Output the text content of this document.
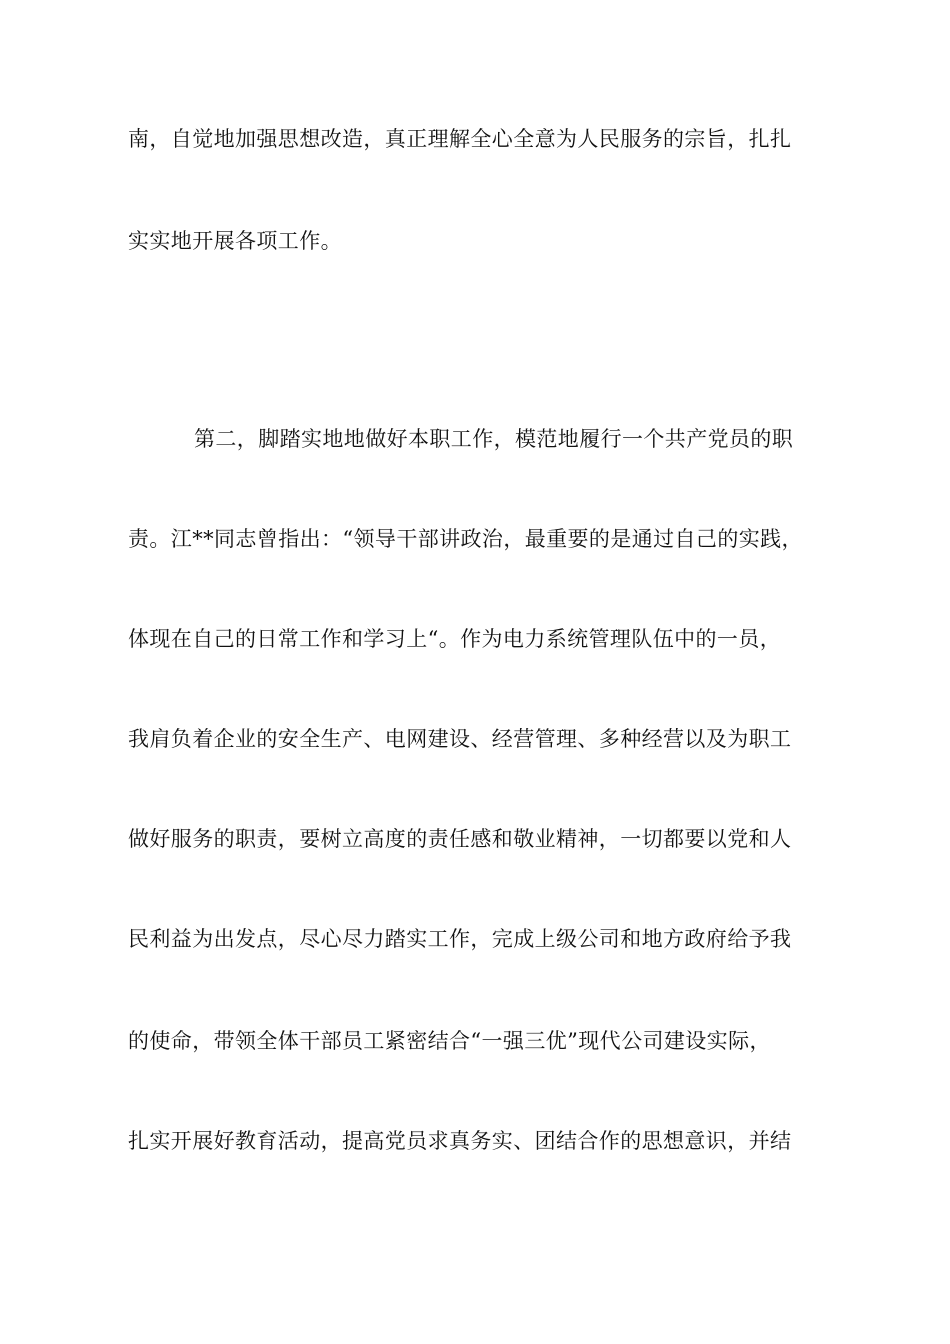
南，自觉地加强思想改造，真正理解全心全意为人民服务的宗旨，扎扎
实实地开展各项工作。
第二，脚踏实地地做好本职工作，模范地履行一个共产党员的职
责。江**同志曾指出：“领导干部讲政治，最重要的是通过自己的实践，
体现在自己的日常工作和学习上“。作为电力系统管理队伍中的一员，
我肩负着企业的安全生产、电网建设、经营管理、多种经营以及为职工
做好服务的职责，要树立高度的责任感和敬业精神，一切都要以党和人
民利益为出发点，尽心尽力踏实工作，完成上级公司和地方政府给予我
的使命，带领全体干部员工紧密结合“一强三优”现代公司建设实际，
扎实开展好教育活动，提高党员求真务实、团结合作的思想意识，并结
